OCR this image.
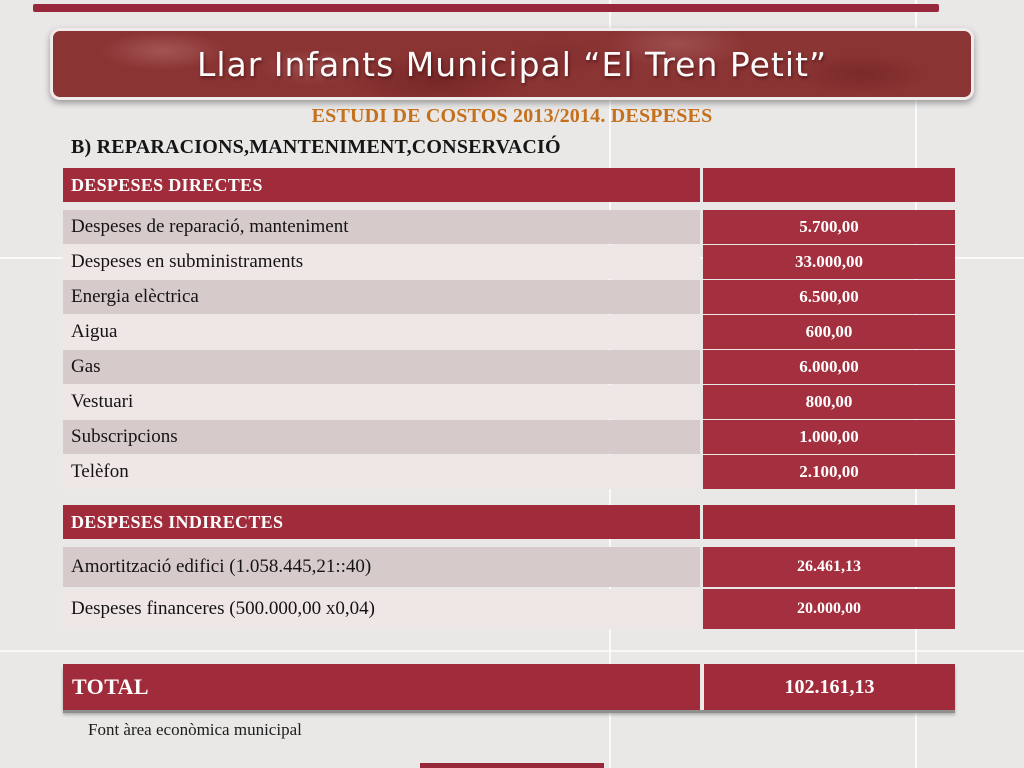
Llar Infants Municipal “El Tren Petit”
ESTUDI DE COSTOS 2013/2014. DESPESES
B) REPARACIONS,MANTENIMENT,CONSERVACIÓ
DESPESES DIRECTES
Despeses de reparació, manteniment	5.700,00
Despeses en subministraments	33.000,00
Energia elèctrica	6.500,00
Aigua	600,00
Gas	6.000,00
Vestuari	800,00
Subscripcions	1.000,00
Telèfon	2.100,00
DESPESES INDIRECTES
Amortització edifici (1.058.445,21::40)	26.461,13
Despeses financeres (500.000,00 x0,04)	20.000,00
TOTAL	102.161,13
Font àrea econòmica municipal
